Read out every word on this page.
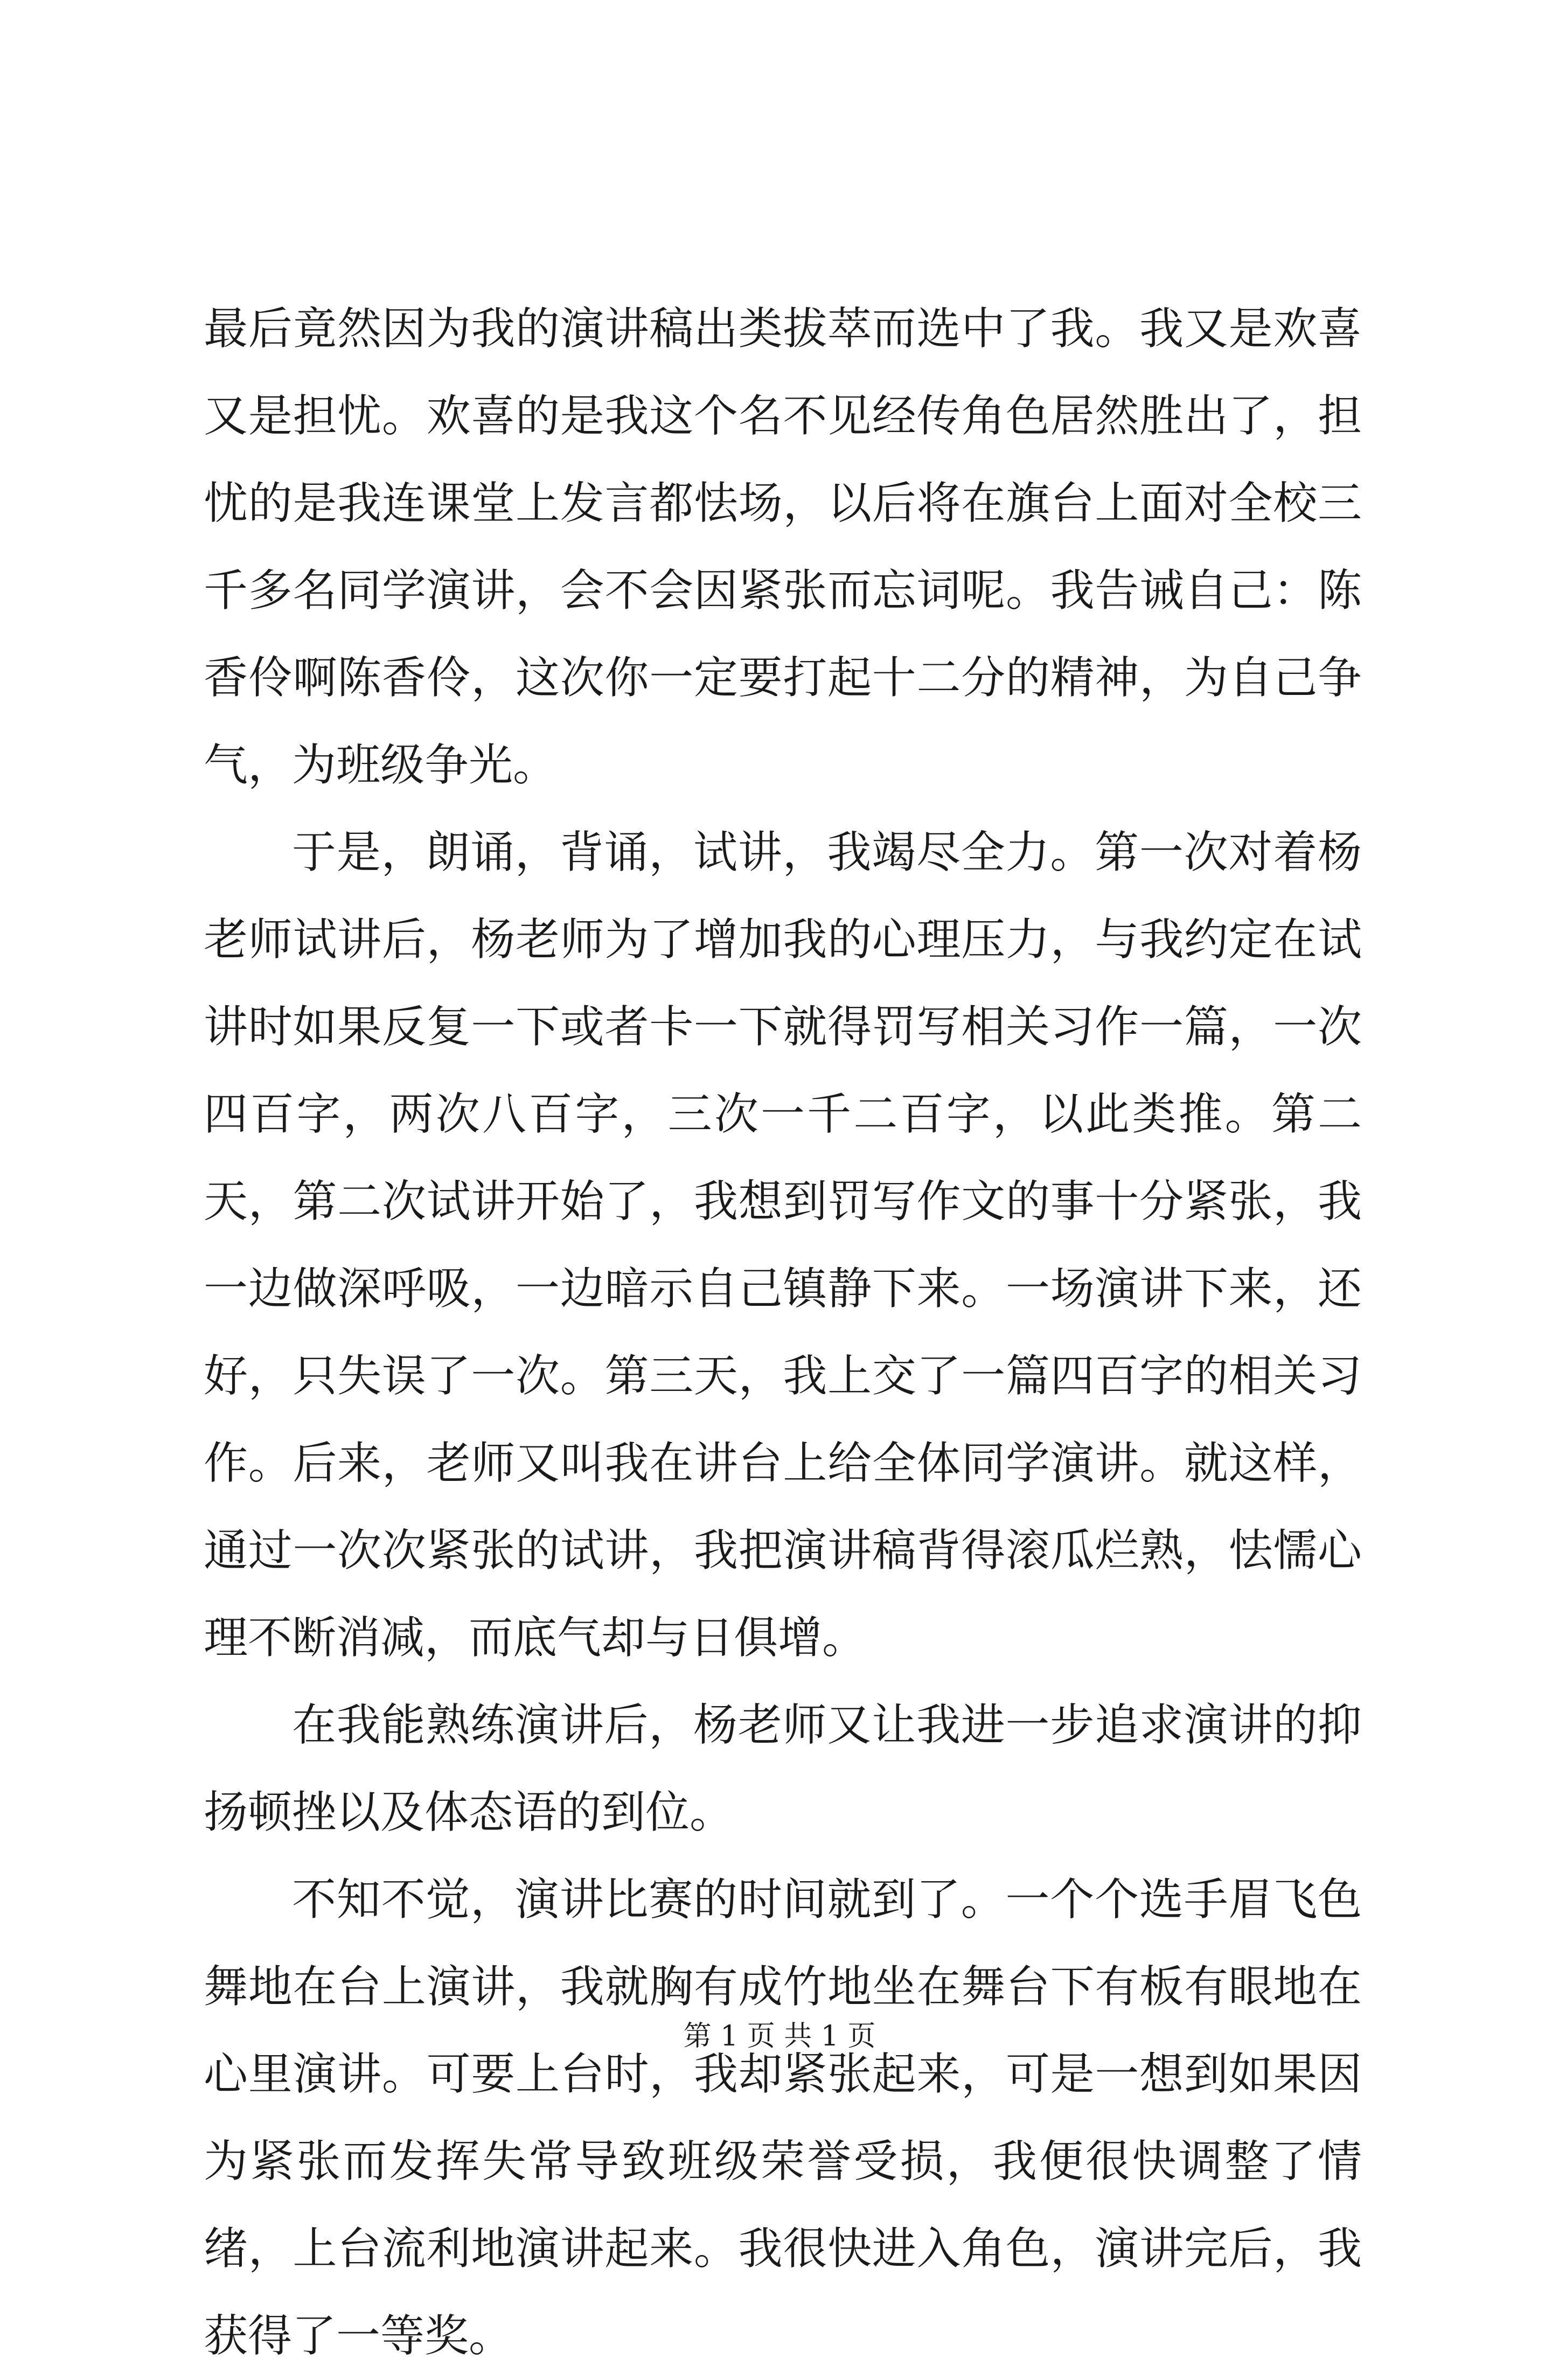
最后竟然因为我的演讲稿出类拔萃而选中了我。我又是欢喜又是担忧。欢喜的是我这个名不见经传角色居然胜出了，担忧的是我连课堂上发言都怯场，以后将在旗台上面对全校三千多名同学演讲，会不会因紧张而忘词呢。我告诫自己：陈香伶啊陈香伶，这次你一定要打起十二分的精神，为自己争气，为班级争光。

于是，朗诵，背诵，试讲，我竭尽全力。第一次对着杨老师试讲后，杨老师为了增加我的心理压力，与我约定在试讲时如果反复一下或者卡一下就得罚写相关习作一篇，一次四百字，两次八百字，三次一千二百字，以此类推。第二天，第二次试讲开始了，我想到罚写作文的事十分紧张，我一边做深呼吸，一边暗示自己镇静下来。一场演讲下来，还好，只失误了一次。第三天，我上交了一篇四百字的相关习作。后来，老师又叫我在讲台上给全体同学演讲。就这样，通过一次次紧张的试讲，我把演讲稿背得滚瓜烂熟，怯懦心理不断消减，而底气却与日俱增。

在我能熟练演讲后，杨老师又让我进一步追求演讲的抑扬顿挫以及体态语的到位。

不知不觉，演讲比赛的时间就到了。一个个选手眉飞色舞地在台上演讲，我就胸有成竹地坐在舞台下有板有眼地在心里演讲。可要上台时，我却紧张起来，可是一想到如果因为紧张而发挥失常导致班级荣誉受损，我便很快调整了情绪，上台流利地演讲起来。我很快进入角色，演讲完后，我获得了一等奖。

第 1 页 共 1 页
